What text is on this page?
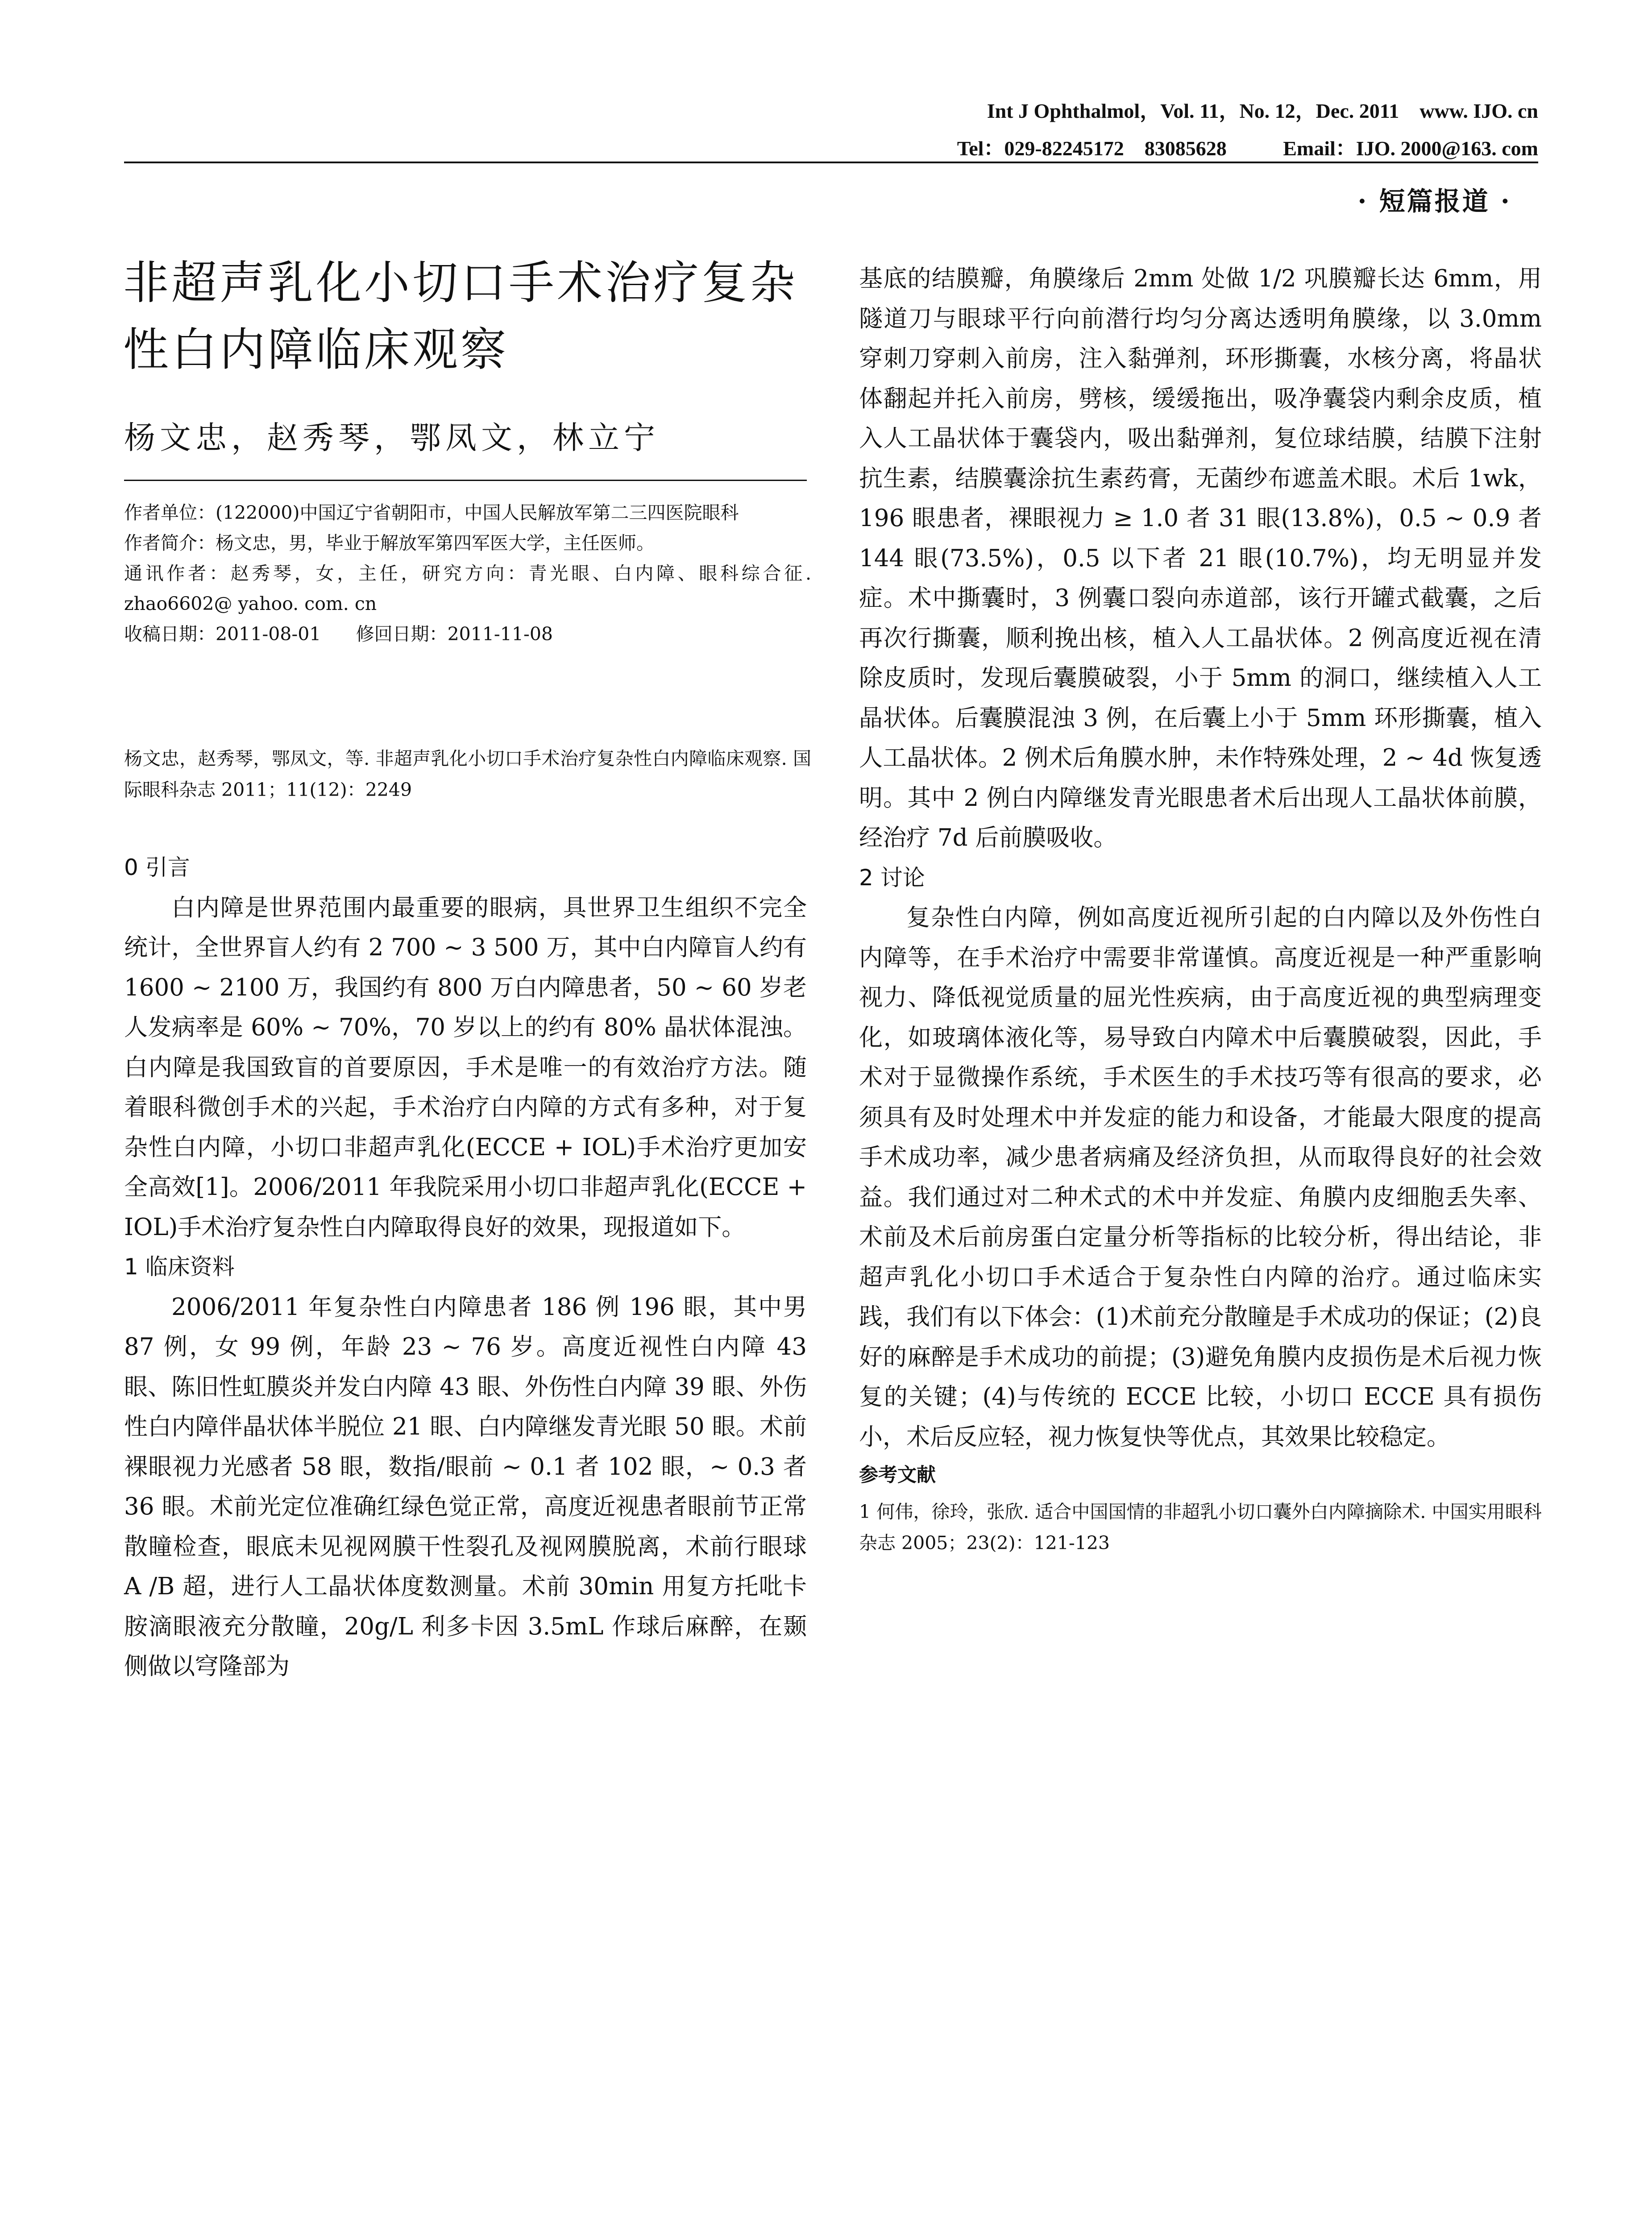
Int J Ophthalmol，Vol. 11，No. 12，Dec. 2011    www. IJO. cn
Tel：029-82245172    83085628           Email：IJO. 2000@163. com
· 短篇报道 ·
非超声乳化小切口手术治疗复杂性白内障临床观察
杨文忠，赵秀琴，鄂凤文，林立宁

作者单位：(122000)中国辽宁省朝阳市，中国人民解放军第二三四医院眼科

作者简介：杨文忠，男，毕业于解放军第四军医大学，主任医师。

通讯作者：赵秀琴，女，主任，研究方向：青光眼、白内障、眼科综合征. zhao6602@ yahoo. com. cn

收稿日期：2011-08-01 修回日期：2011-11-08

杨文忠，赵秀琴，鄂凤文，等. 非超声乳化小切口手术治疗复杂性白内障临床观察. 国际眼科杂志 2011；11(12)：2249

0 引言

白内障是世界范围内最重要的眼病，具世界卫生组织不完全统计，全世界盲人约有 2 700 ~ 3 500 万，其中白内障盲人约有 1600 ~ 2100 万，我国约有 800 万白内障患者，50 ~ 60 岁老人发病率是 60% ~ 70%，70 岁以上的约有 80% 晶状体混浊。白内障是我国致盲的首要原因，手术是唯一的有效治疗方法。随着眼科微创手术的兴起，手术治疗白内障的方式有多种，对于复杂性白内障，小切口非超声乳化(ECCE + IOL)手术治疗更加安全高效[1]。2006/2011 年我院采用小切口非超声乳化(ECCE + IOL)手术治疗复杂性白内障取得良好的效果，现报道如下。

1 临床资料

2006/2011 年复杂性白内障患者 186 例 196 眼，其中男 87 例，女 99 例，年龄 23 ~ 76 岁。高度近视性白内障 43 眼、陈旧性虹膜炎并发白内障 43 眼、外伤性白内障 39 眼、外伤性白内障伴晶状体半脱位 21 眼、白内障继发青光眼 50 眼。术前裸眼视力光感者 58 眼，数指/眼前 ~ 0.1 者 102 眼，~ 0.3 者 36 眼。术前光定位准确红绿色觉正常，高度近视患者眼前节正常散瞳检查，眼底未见视网膜干性裂孔及视网膜脱离，术前行眼球 A /B 超，进行人工晶状体度数测量。术前 30min 用复方托吡卡胺滴眼液充分散瞳，20g/L 利多卡因 3.5mL 作球后麻醉，在颞侧做以穹隆部为

基底的结膜瓣，角膜缘后 2mm 处做 1/2 巩膜瓣长达 6mm，用隧道刀与眼球平行向前潜行均匀分离达透明角膜缘，以 3.0mm 穿刺刀穿刺入前房，注入黏弹剂，环形撕囊，水核分离，将晶状体翻起并托入前房，劈核，缓缓拖出，吸净囊袋内剩余皮质，植入人工晶状体于囊袋内，吸出黏弹剂，复位球结膜，结膜下注射抗生素，结膜囊涂抗生素药膏，无菌纱布遮盖术眼。术后 1wk，196 眼患者，裸眼视力 ≥ 1.0 者 31 眼(13.8%)，0.5 ~ 0.9 者 144 眼(73.5%)，0.5 以下者 21 眼(10.7%)，均无明显并发症。术中撕囊时，3 例囊口裂向赤道部，该行开罐式截囊，之后再次行撕囊，顺利挽出核，植入人工晶状体。2 例高度近视在清除皮质时，发现后囊膜破裂，小于 5mm 的洞口，继续植入人工晶状体。后囊膜混浊 3 例，在后囊上小于 5mm 环形撕囊，植入人工晶状体。2 例术后角膜水肿，未作特殊处理，2 ~ 4d 恢复透明。其中 2 例白内障继发青光眼患者术后出现人工晶状体前膜，经治疗 7d 后前膜吸收。

2 讨论

复杂性白内障，例如高度近视所引起的白内障以及外伤性白内障等，在手术治疗中需要非常谨慎。高度近视是一种严重影响视力、降低视觉质量的屈光性疾病，由于高度近视的典型病理变化，如玻璃体液化等，易导致白内障术中后囊膜破裂，因此，手术对于显微操作系统，手术医生的手术技巧等有很高的要求，必须具有及时处理术中并发症的能力和设备，才能最大限度的提高手术成功率，减少患者病痛及经济负担，从而取得良好的社会效益。我们通过对二种术式的术中并发症、角膜内皮细胞丢失率、术前及术后前房蛋白定量分析等指标的比较分析，得出结论，非超声乳化小切口手术适合于复杂性白内障的治疗。通过临床实践，我们有以下体会：(1)术前充分散瞳是手术成功的保证；(2)良好的麻醉是手术成功的前提；(3)避免角膜内皮损伤是术后视力恢复的关键；(4)与传统的 ECCE 比较，小切口 ECCE 具有损伤小，术后反应轻，视力恢复快等优点，其效果比较稳定。

参考文献

1 何伟，徐玲，张欣. 适合中国国情的非超乳小切口囊外白内障摘除术. 中国实用眼科杂志 2005；23(2)：121-123
